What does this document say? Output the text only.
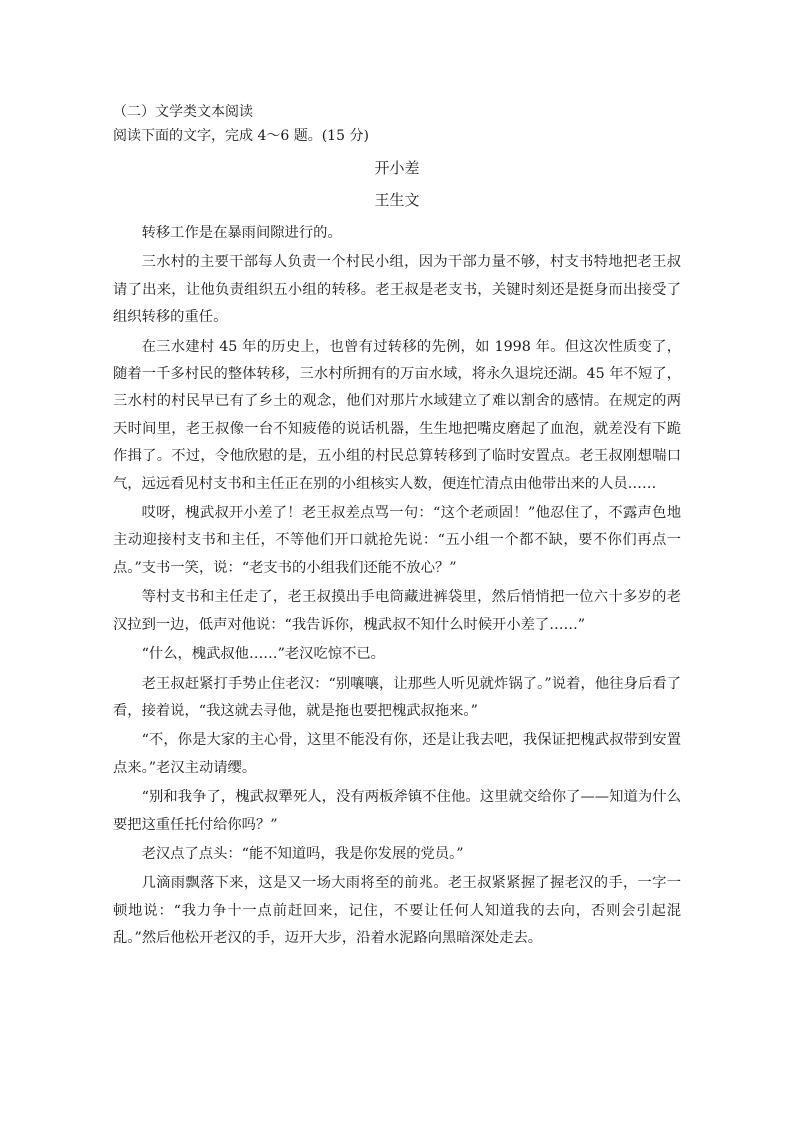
（二）文学类文本阅读
阅读下面的文字，完成 4～6 题。(15 分)
开小差
王生文

转移工作是在暴雨间隙进行的。

三水村的主要干部每人负责一个村民小组，因为干部力量不够，村支书特地把老王叔请了出来，让他负责组织五小组的转移。老王叔是老支书，关键时刻还是挺身而出接受了组织转移的重任。

在三水建村 45 年的历史上，也曾有过转移的先例，如 1998 年。但这次性质变了，随着一千多村民的整体转移，三水村所拥有的万亩水域，将永久退垸还湖。45 年不短了，三水村的村民早已有了乡土的观念，他们对那片水域建立了难以割舍的感情。在规定的两天时间里，老王叔像一台不知疲倦的说话机器，生生地把嘴皮磨起了血泡，就差没有下跪作揖了。不过，令他欣慰的是，五小组的村民总算转移到了临时安置点。老王叔刚想喘口气，远远看见村支书和主任正在别的小组核实人数，便连忙清点由他带出来的人员……

哎呀，槐武叔开小差了！老王叔差点骂一句：“这个老顽固！”他忍住了，不露声色地主动迎接村支书和主任，不等他们开口就抢先说：“五小组一个都不缺，要不你们再点一点。”支书一笑，说：“老支书的小组我们还能不放心？”

等村支书和主任走了，老王叔摸出手电筒藏进裤袋里，然后悄悄把一位六十多岁的老汉拉到一边，低声对他说：“我告诉你，槐武叔不知什么时候开小差了……”

“什么，槐武叔他……”老汉吃惊不已。

老王叔赶紧打手势止住老汉：“别嚷嚷，让那些人听见就炸锅了。”说着，他往身后看了看，接着说，“我这就去寻他，就是拖也要把槐武叔拖来。”

“不，你是大家的主心骨，这里不能没有你，还是让我去吧，我保证把槐武叔带到安置点来。”老汉主动请缨。

“别和我争了，槐武叔犟死人，没有两板斧镇不住他。这里就交给你了——知道为什么要把这重任托付给你吗？”

老汉点了点头：“能不知道吗，我是你发展的党员。”

几滴雨飘落下来，这是又一场大雨将至的前兆。老王叔紧紧握了握老汉的手，一字一顿地说：“我力争十一点前赶回来，记住，不要让任何人知道我的去向，否则会引起混乱。”然后他松开老汉的手，迈开大步，沿着水泥路向黑暗深处走去。
